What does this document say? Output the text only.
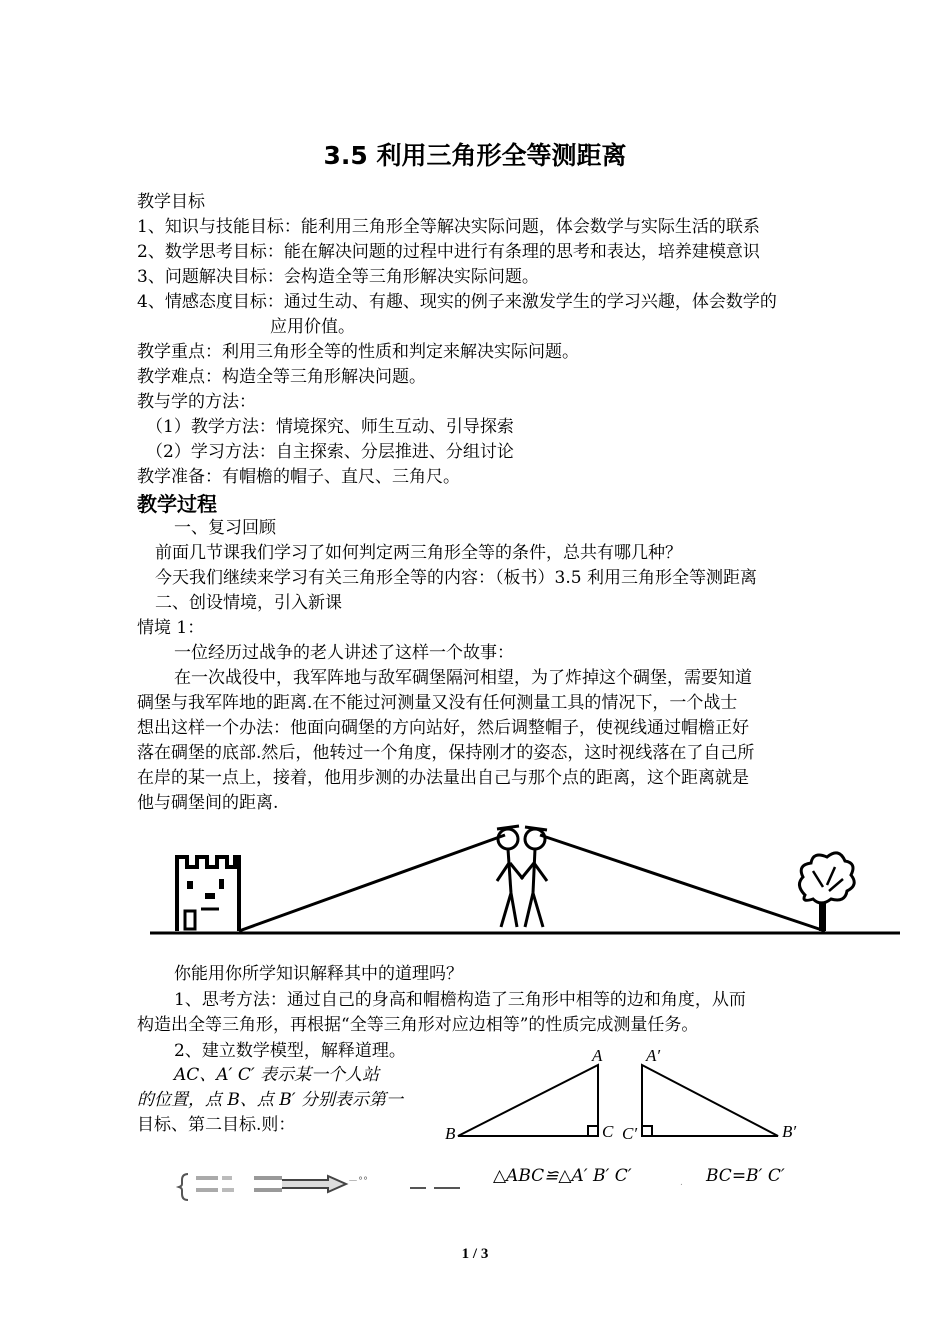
3.5 利用三角形全等测距离
教学目标
1、知识与技能目标：能利用三角形全等解决实际问题，体会数学与实际生活的联系
2、数学思考目标：能在解决问题的过程中进行有条理的思考和表达，培养建模意识
3、问题解决目标：会构造全等三角形解决实际问题。
4、情感态度目标：通过生动、有趣、现实的例子来激发学生的学习兴趣，体会数学的
应用价值。
教学重点：利用三角形全等的性质和判定来解决实际问题。
教学难点：构造全等三角形解决问题。
教与学的方法：
（1）教学方法：情境探究、师生互动、引导探索
（2）学习方法：自主探索、分层推进、分组讨论
教学准备：有帽檐的帽子、直尺、三角尺。
教学过程
一、复习回顾
前面几节课我们学习了如何判定两三角形全等的条件，总共有哪几种？
今天我们继续来学习有关三角形全等的内容：（板书）3.5 利用三角形全等测距离
二、创设情境，引入新课
情境 1：
一位经历过战争的老人讲述了这样一个故事：
在一次战役中，我军阵地与敌军碉堡隔河相望，为了炸掉这个碉堡，需要知道
碉堡与我军阵地的距离.在不能过河测量又没有任何测量工具的情况下，一个战士
想出这样一个办法：他面向碉堡的方向站好，然后调整帽子，使视线通过帽檐正好
落在碉堡的底部.然后，他转过一个角度，保持刚才的姿态，这时视线落在了自己所
在岸的某一点上，接着，他用步测的办法量出自己与那个点的距离，这个距离就是
他与碉堡间的距离.
你能用你所学知识解释其中的道理吗？
1、思考方法：通过自己的身高和帽檐构造了三角形中相等的边和角度，从而
构造出全等三角形，再根据“全等三角形对应边相等”的性质完成测量任务。
2、建立数学模型，解释道理。
AC、A′ C′ 表示某一个人站
的位置，点 B、点 B′ 分别表示第一
目标、第二目标.则：
A
B	C
A′
C′	B′
－°°	△ABC≌△A′ B′ C′	. BC=B′ C′
1 / 3
